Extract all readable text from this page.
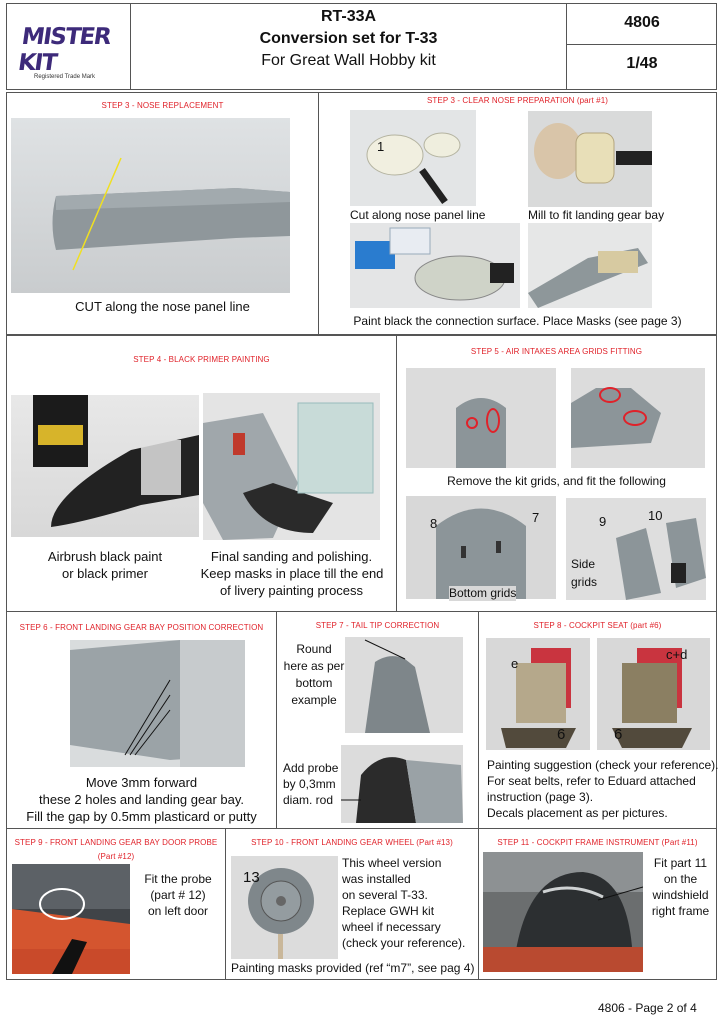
MISTER KIT
Registered Trade Mark
RT-33A
Conversion set for T-33
For Great Wall Hobby kit
4806
1/48
STEP 3 - NOSE REPLACEMENT
CUT along the nose panel line
STEP 3 - CLEAR NOSE PREPARATION (part #1)
1
Cut along nose panel line	Mill to fit landing gear bay
Paint black the connection surface. Place Masks (see page 3)
STEP 4 - BLACK PRIMER PAINTING
Airbrush black paint
or black primer
Final sanding and polishing.
Keep masks in place till the end
of livery painting process
STEP 5 - AIR INTAKES AREA GRIDS FITTING
Remove the kit grids, and fit the following
8	7
Bottom grids
9	10
Side
grids
STEP 6 - FRONT LANDING GEAR BAY POSITION CORRECTION
Move 3mm forward
these 2 holes and landing gear bay.
Fill the gap by 0.5mm plasticard or putty
STEP 7 - TAIL TIP CORRECTION
Round
here as per
bottom
example
Add probe
by 0,3mm
diam. rod
STEP 8 - COCKPIT SEAT (part #6)
e
6
c+d
6
Painting suggestion (check your reference).
For seat belts, refer to Eduard attached
instruction (page 3).
Decals placement as per pictures.
STEP 9 - FRONT LANDING GEAR BAY DOOR PROBE
(Part #12)
Fit the probe
(part # 12)
on left door
STEP 10 - FRONT LANDING GEAR WHEEL (Part #13)
13
This wheel version
was installed
on several T-33.
Replace GWH kit
wheel if necessary
(check your reference).
Painting masks provided (ref “m7”, see pag 4)
STEP 11 - COCKPIT FRAME INSTRUMENT (Part #11)
Fit part 11
on the
windshield
right frame
4806 - Page 2 of 4
